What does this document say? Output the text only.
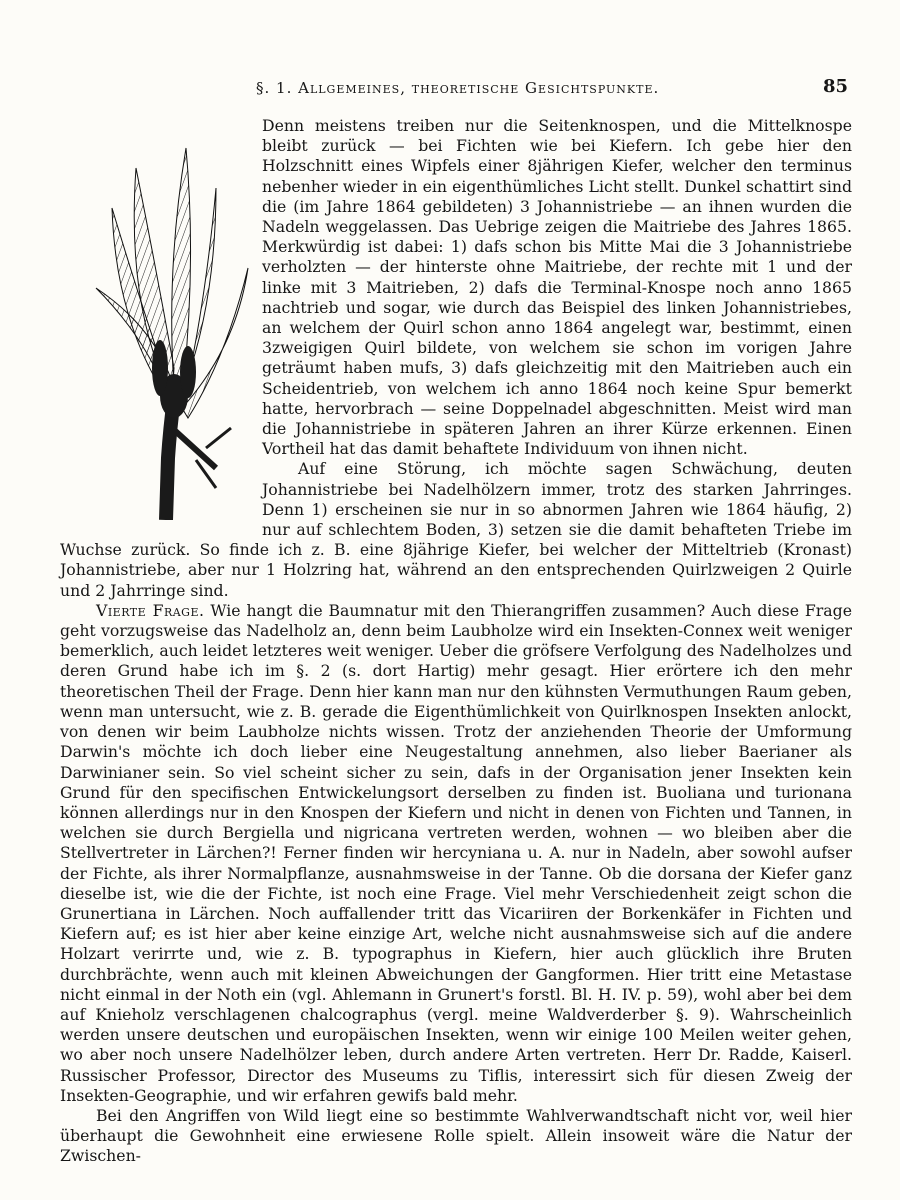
§. 1. Allgemeines, theoretische Gesichtspunkte.	85

Denn meistens treiben nur die Seitenknospen, und die Mittelknospe bleibt zurück — bei Fichten wie bei Kiefern. Ich gebe hier den Holzschnitt eines Wipfels einer 8jährigen Kiefer, welcher den terminus nebenher wieder in ein eigenthümliches Licht stellt. Dunkel schattirt sind die (im Jahre 1864 gebildeten) 3 Johannistriebe — an ihnen wurden die Nadeln weggelassen. Das Uebrige zeigen die Maitriebe des Jahres 1865. Merkwürdig ist dabei: 1) dafs schon bis Mitte Mai die 3 Johannistriebe verholzten — der hinterste ohne Maitriebe, der rechte mit 1 und der linke mit 3 Maitrieben, 2) dafs die Terminal-Knospe noch anno 1865 nachtrieb und sogar, wie durch das Beispiel des linken Johannistriebes, an welchem der Quirl schon anno 1864 angelegt war, bestimmt, einen 3zweigigen Quirl bildete, von welchem sie schon im vorigen Jahre geträumt haben mufs, 3) dafs gleichzeitig mit den Maitrieben auch ein Scheidentrieb, von welchem ich anno 1864 noch keine Spur bemerkt hatte, hervorbrach — seine Doppelnadel abgeschnitten. Meist wird man die Johannistriebe in späteren Jahren an ihrer Kürze erkennen. Einen Vortheil hat das damit behaftete Individuum von ihnen nicht.

Auf eine Störung, ich möchte sagen Schwächung, deuten Johannistriebe bei Nadelhölzern immer, trotz des starken Jahrringes. Denn 1) erscheinen sie nur in so abnormen Jahren wie 1864 häufig, 2) nur auf schlechtem Boden, 3) setzen sie die damit behafteten Triebe im Wuchse zurück. So finde ich z. B. eine 8jährige Kiefer, bei welcher der Mitteltrieb (Kronast) Johannistriebe, aber nur 1 Holzring hat, während an den entsprechenden Quirlzweigen 2 Quirle und 2 Jahrringe sind.

Vierte Frage. Wie hangt die Baumnatur mit den Thierangriffen zusammen? Auch diese Frage geht vorzugsweise das Nadelholz an, denn beim Laubholze wird ein Insekten-Connex weit weniger bemerklich, auch leidet letzteres weit weniger. Ueber die gröfsere Verfolgung des Nadelholzes und deren Grund habe ich im §. 2 (s. dort Hartig) mehr gesagt. Hier erörtere ich den mehr theoretischen Theil der Frage. Denn hier kann man nur den kühnsten Vermuthungen Raum geben, wenn man untersucht, wie z. B. gerade die Eigenthümlichkeit von Quirlknospen Insekten anlockt, von denen wir beim Laubholze nichts wissen. Trotz der anziehenden Theorie der Umformung Darwin's möchte ich doch lieber eine Neugestaltung annehmen, also lieber Baerianer als Darwinianer sein. So viel scheint sicher zu sein, dafs in der Organisation jener Insekten kein Grund für den specifischen Entwickelungsort derselben zu finden ist. Buoliana und turionana können allerdings nur in den Knospen der Kiefern und nicht in denen von Fichten und Tannen, in welchen sie durch Bergiella und nigricana vertreten werden, wohnen — wo bleiben aber die Stellvertreter in Lärchen?! Ferner finden wir hercyniana u. A. nur in Nadeln, aber sowohl aufser der Fichte, als ihrer Normalpflanze, ausnahmsweise in der Tanne. Ob die dorsana der Kiefer ganz dieselbe ist, wie die der Fichte, ist noch eine Frage. Viel mehr Verschiedenheit zeigt schon die Grunertiana in Lärchen. Noch auffallender tritt das Vicariiren der Borkenkäfer in Fichten und Kiefern auf; es ist hier aber keine einzige Art, welche nicht ausnahmsweise sich auf die andere Holzart verirrte und, wie z. B. typographus in Kiefern, hier auch glücklich ihre Bruten durchbrächte, wenn auch mit kleinen Abweichungen der Gangformen. Hier tritt eine Metastase nicht einmal in der Noth ein (vgl. Ahlemann in Grunert's forstl. Bl. H. IV. p. 59), wohl aber bei dem auf Knieholz verschlagenen chalcographus (vergl. meine Waldverderber §. 9). Wahrscheinlich werden unsere deutschen und europäischen Insekten, wenn wir einige 100 Meilen weiter gehen, wo aber noch unsere Nadelhölzer leben, durch andere Arten vertreten. Herr Dr. Radde, Kaiserl. Russischer Professor, Director des Museums zu Tiflis, interessirt sich für diesen Zweig der Insekten-Geographie, und wir erfahren gewifs bald mehr.

Bei den Angriffen von Wild liegt eine so bestimmte Wahlverwandtschaft nicht vor, weil hier überhaupt die Gewohnheit eine erwiesene Rolle spielt. Allein insoweit wäre die Natur der Zwischen-
